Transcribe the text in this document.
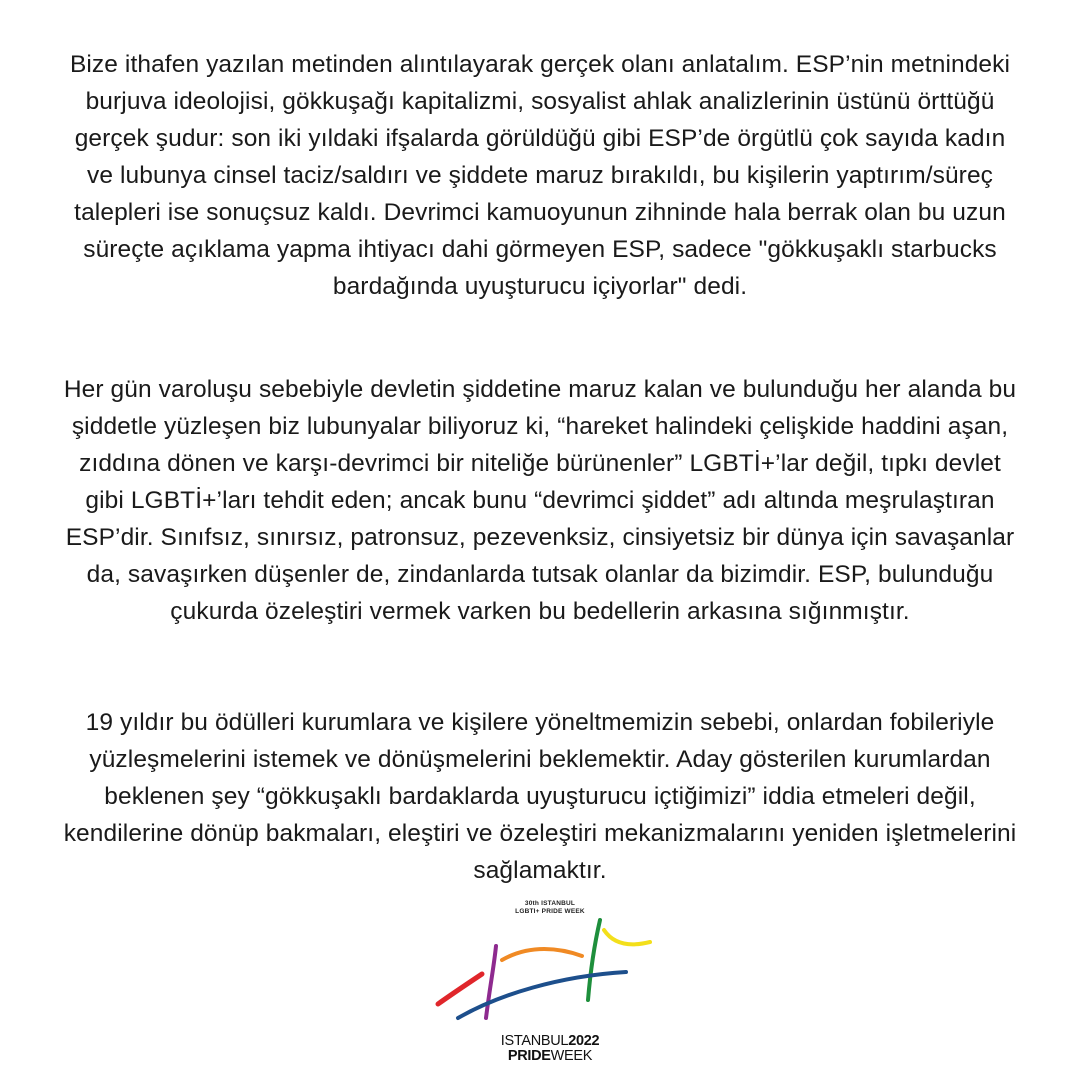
Bize ithafen yazılan metinden alıntılayarak gerçek olanı anlatalım. ESP’nin metnindeki burjuva ideolojisi, gökkuşağı kapitalizmi, sosyalist ahlak analizlerinin üstünü örttüğü gerçek şudur: son iki yıldaki ifşalarda görüldüğü gibi ESP’de örgütlü çok sayıda kadın ve lubunya cinsel taciz/saldırı ve şiddete maruz bırakıldı, bu kişilerin yaptırım/süreç talepleri ise sonuçsuz kaldı. Devrimci kamuoyunun zihninde hala berrak olan bu uzun süreçte açıklama yapma ihtiyacı dahi görmeyen ESP, sadece "gökkuşaklı starbucks bardağında uyuşturucu içiyorlar" dedi.
Her gün varoluşu sebebiyle devletin şiddetine maruz kalan ve bulunduğu her alanda bu şiddetle yüzleşen biz lubunyalar biliyoruz ki, “hareket halindeki çelişkide haddini aşan, zıddına dönen ve karşı-devrimci bir niteliğe bürünenler” LGBTİ+’lar değil, tıpkı devlet gibi LGBTİ+’ları tehdit eden; ancak bunu “devrimci şiddet” adı altında meşrulaştıran ESP’dir. Sınıfsız, sınırsız, patronsuz, pezevenksiz, cinsiyetsiz bir dünya için savaşanlar da, savaşırken düşenler de, zindanlarda tutsak olanlar da bizimdir. ESP, bulunduğu çukurda özeleştiri vermek varken bu bedellerin arkasına sığınmıştır.
19 yıldır bu ödülleri kurumlara ve kişilere yöneltmemizin sebebi, onlardan fobileriyle yüzleşmelerini istemek ve dönüşmelerini beklemektir. Aday gösterilen kurumlardan beklenen şey “gökkuşaklı bardaklarda uyuşturucu içtiğimizi” iddia etmeleri değil, kendilerine dönüp bakmaları, eleştiri ve özeleştiri mekanizmalarını yeniden işletmelerini sağlamaktır.
30th ISTANBUL
LGBTI+ PRIDE WEEK
ISTANBUL2022
PRIDEWEEK
